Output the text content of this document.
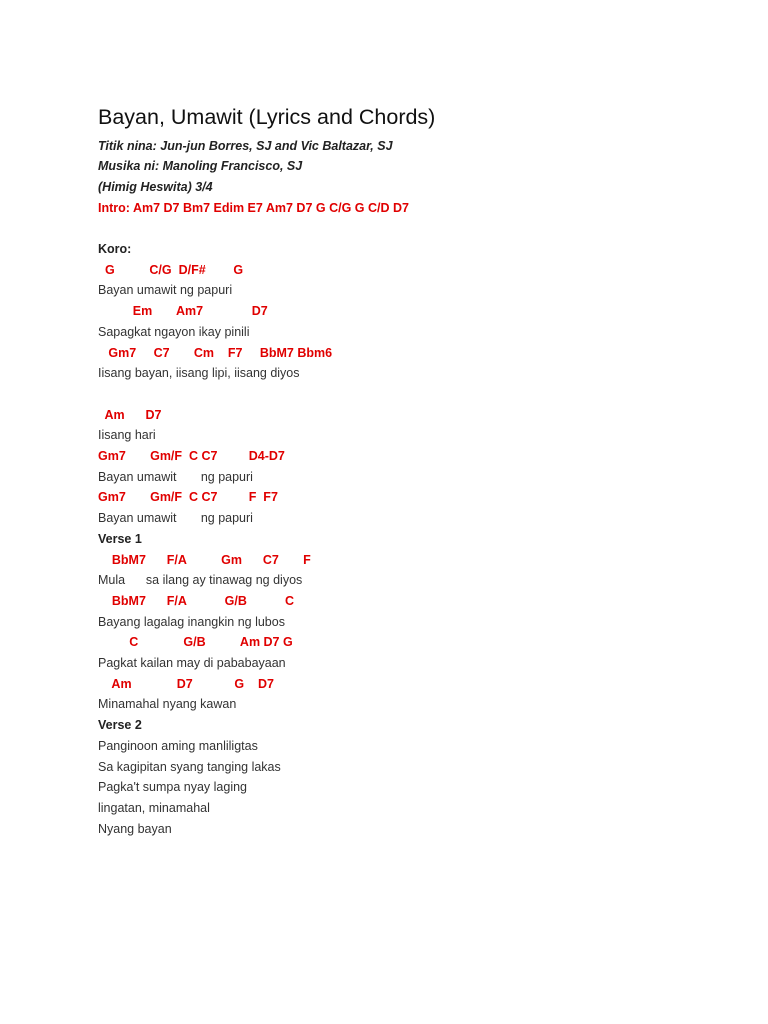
Bayan, Umawit (Lyrics and Chords)
Titik nina: Jun-jun Borres, SJ and Vic Baltazar, SJ
Musika ni: Manoling Francisco, SJ
(Himig Heswita) 3/4
Intro: Am7 D7 Bm7 Edim E7 Am7 D7 G C/G G C/D D7
Koro:
G          C/G  D/F#        G
Bayan umawit ng papuri
Em       Am7              D7
Sapagkat ngayon ikay pinili
Gm7     C7       Cm    F7     BbM7 Bbm6
Iisang bayan, iisang lipi, iisang diyos
Am      D7
Iisang hari
Gm7       Gm/F  C C7         D4-D7
Bayan umawit       ng papuri
Gm7       Gm/F  C C7         F  F7
Bayan umawit       ng papuri
Verse 1
BbM7      F/A          Gm      C7       F
Mula      sa ilang ay tinawag ng diyos
BbM7      F/A           G/B           C
Bayang lagalag inangkin ng lubos
C             G/B          Am D7 G
Pagkat kailan may di pababayaan
Am             D7            G    D7
Minamahal nyang kawan
Verse 2
Panginoon aming manliligtas
Sa kagipitan syang tanging lakas
Pagka't sumpa nyay laging
lingatan, minamahal
Nyang bayan
